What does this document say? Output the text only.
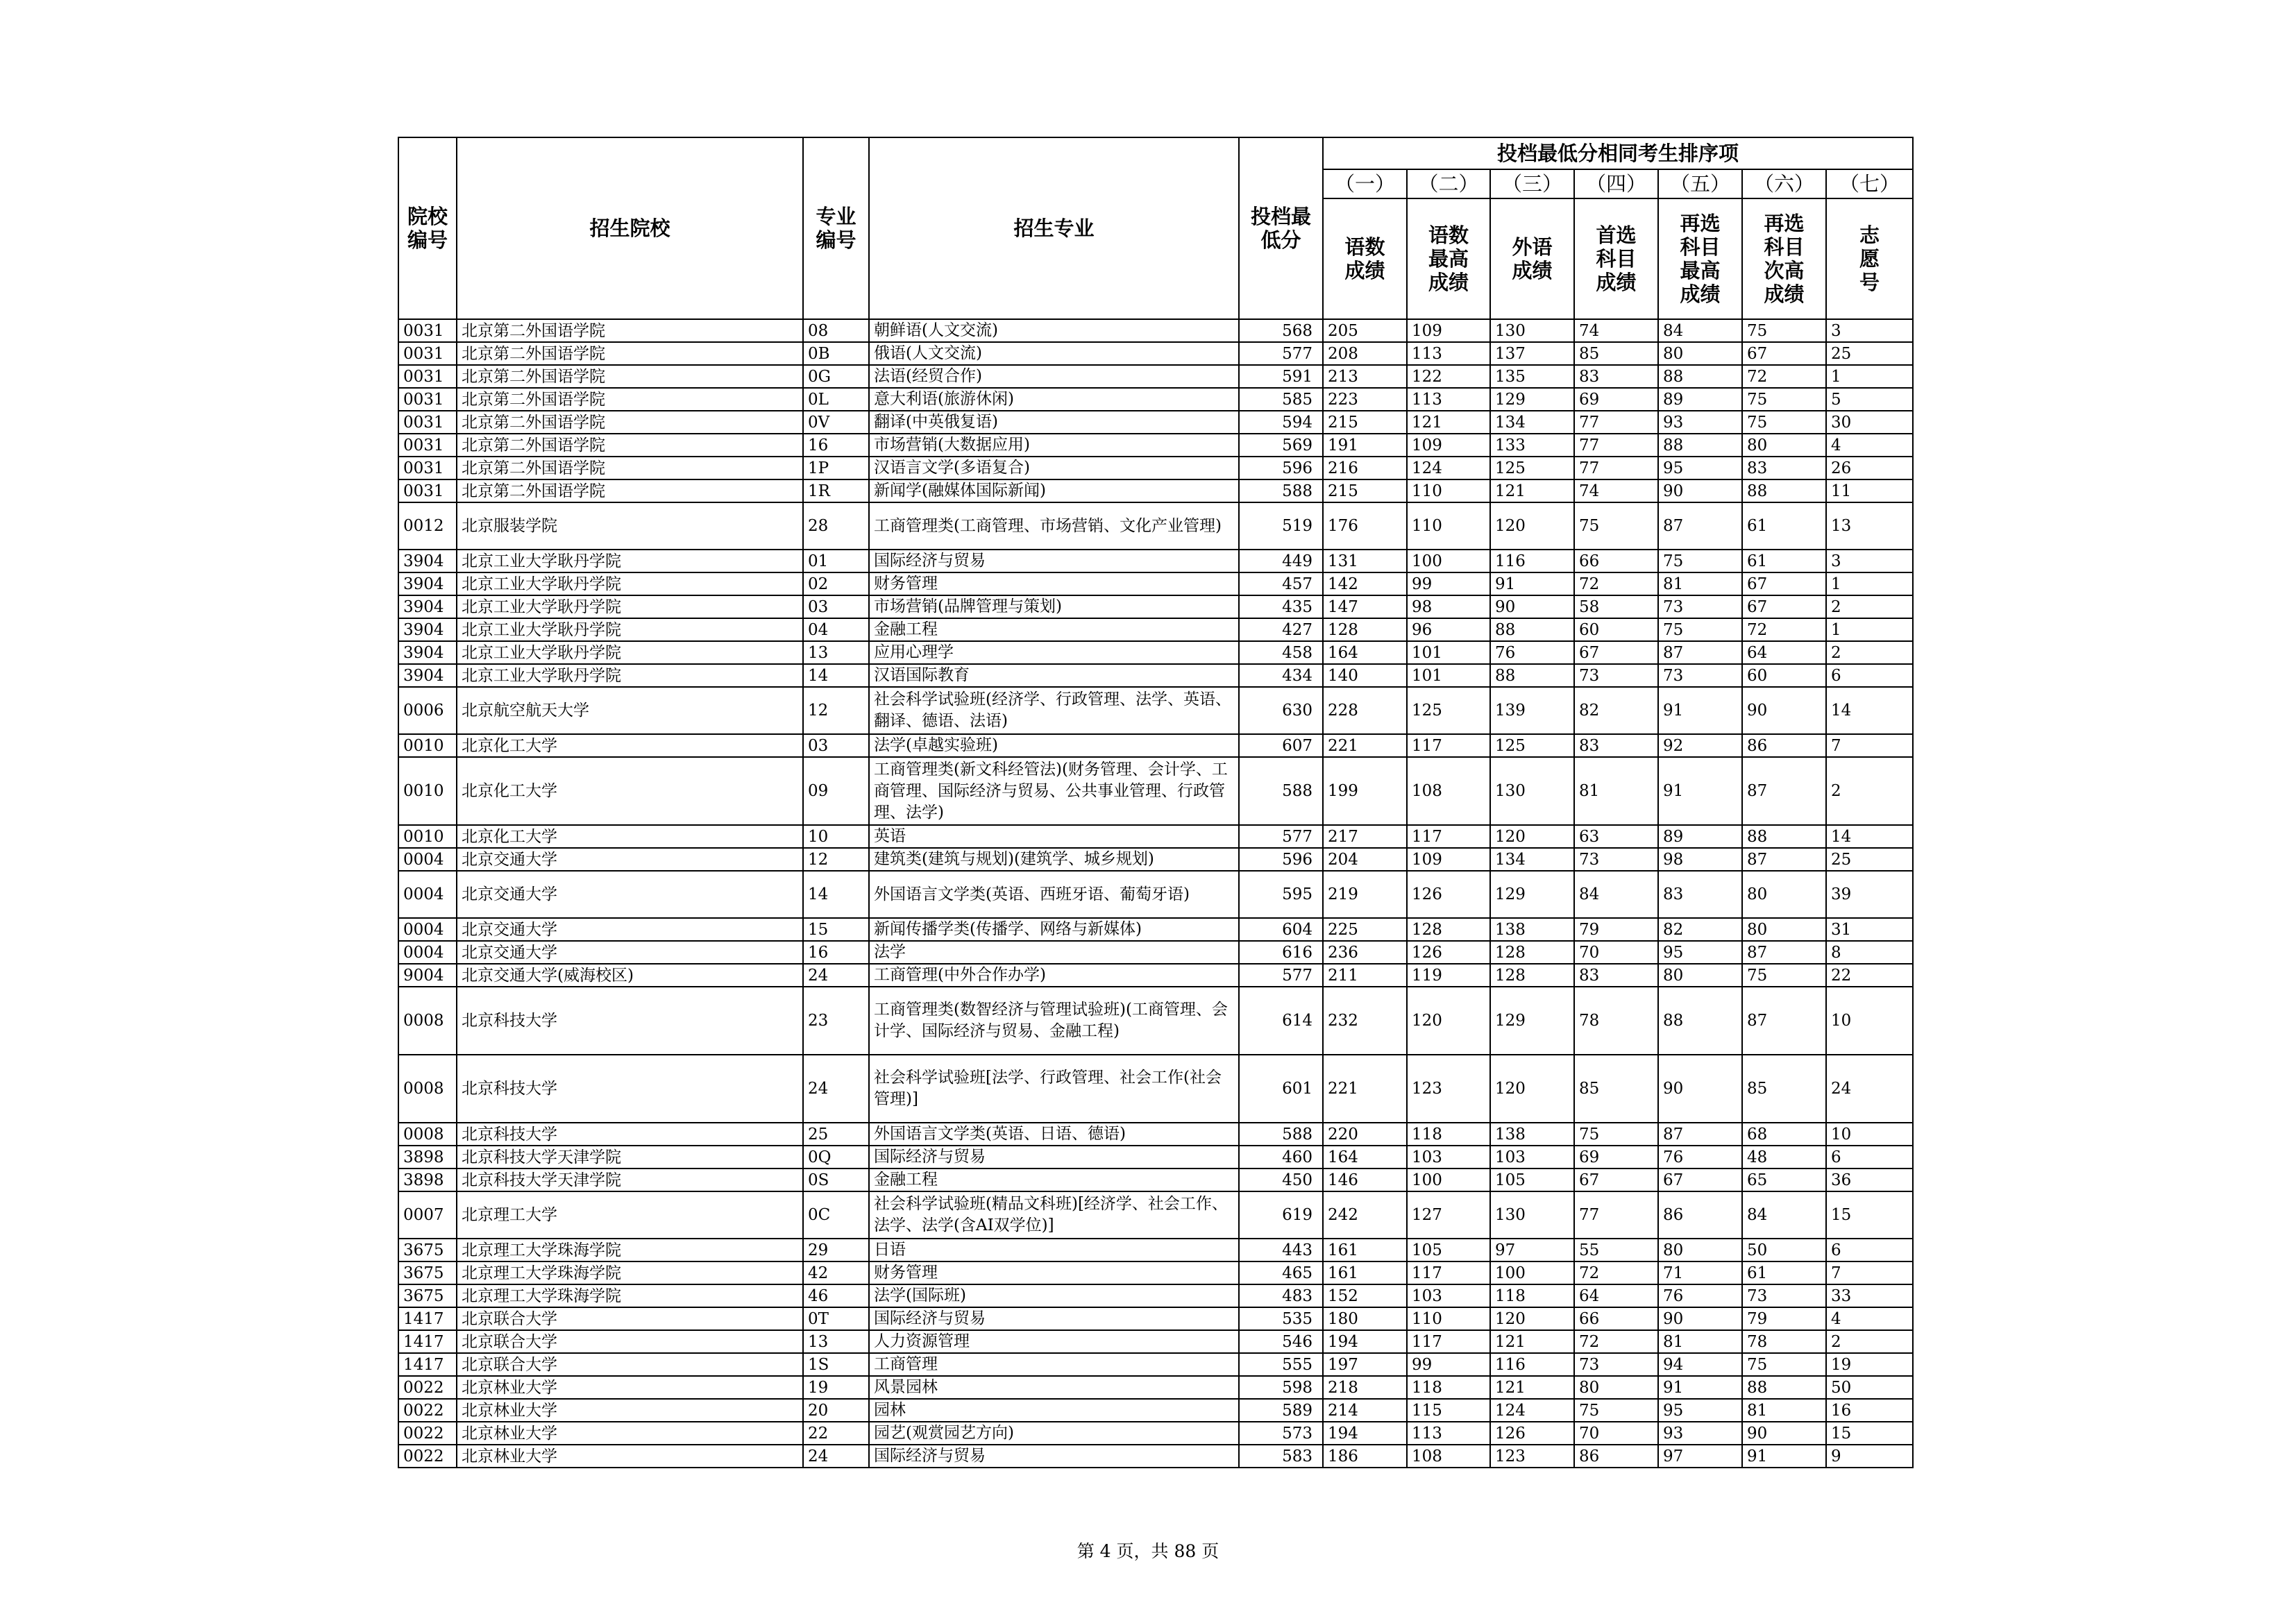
院校编号	招生院校	专业编号	招生专业	投档最低分	投档最低分相同考生排序项						
					（一）	（二）	（三）	（四）	（五）	（六）	（七）
					语数成绩	语数最高成绩	外语成绩	首选科目成绩	再选科目最高成绩	再选科目次高成绩	志愿号
0031	北京第二外国语学院	08	朝鲜语(人文交流)	568	205	109	130	74	84	75	3
0031	北京第二外国语学院	0B	俄语(人文交流)	577	208	113	137	85	80	67	25
0031	北京第二外国语学院	0G	法语(经贸合作)	591	213	122	135	83	88	72	1
0031	北京第二外国语学院	0L	意大利语(旅游休闲)	585	223	113	129	69	89	75	5
0031	北京第二外国语学院	0V	翻译(中英俄复语)	594	215	121	134	77	93	75	30
0031	北京第二外国语学院	16	市场营销(大数据应用)	569	191	109	133	77	88	80	4
0031	北京第二外国语学院	1P	汉语言文学(多语复合)	596	216	124	125	77	95	83	26
0031	北京第二外国语学院	1R	新闻学(融媒体国际新闻)	588	215	110	121	74	90	88	11
0012	北京服装学院	28	工商管理类(工商管理、市场营销、文化产业管理)	519	176	110	120	75	87	61	13
3904	北京工业大学耿丹学院	01	国际经济与贸易	449	131	100	116	66	75	61	3
3904	北京工业大学耿丹学院	02	财务管理	457	142	99	91	72	81	67	1
3904	北京工业大学耿丹学院	03	市场营销(品牌管理与策划)	435	147	98	90	58	73	67	2
3904	北京工业大学耿丹学院	04	金融工程	427	128	96	88	60	75	72	1
3904	北京工业大学耿丹学院	13	应用心理学	458	164	101	76	67	87	64	2
3904	北京工业大学耿丹学院	14	汉语国际教育	434	140	101	88	73	73	60	6
0006	北京航空航天大学	12	社会科学试验班(经济学、行政管理、法学、英语、翻译、德语、法语)	630	228	125	139	82	91	90	14
0010	北京化工大学	03	法学(卓越实验班)	607	221	117	125	83	92	86	7
0010	北京化工大学	09	工商管理类(新文科经管法)(财务管理、会计学、工商管理、国际经济与贸易、公共事业管理、行政管理、法学)	588	199	108	130	81	91	87	2
0010	北京化工大学	10	英语	577	217	117	120	63	89	88	14
0004	北京交通大学	12	建筑类(建筑与规划)(建筑学、城乡规划)	596	204	109	134	73	98	87	25
0004	北京交通大学	14	外国语言文学类(英语、西班牙语、葡萄牙语)	595	219	126	129	84	83	80	39
0004	北京交通大学	15	新闻传播学类(传播学、网络与新媒体)	604	225	128	138	79	82	80	31
0004	北京交通大学	16	法学	616	236	126	128	70	95	87	8
9004	北京交通大学(威海校区)	24	工商管理(中外合作办学)	577	211	119	128	83	80	75	22
0008	北京科技大学	23	工商管理类(数智经济与管理试验班)(工商管理、会计学、国际经济与贸易、金融工程)	614	232	120	129	78	88	87	10
0008	北京科技大学	24	社会科学试验班[法学、行政管理、社会工作(社会管理)]	601	221	123	120	85	90	85	24
0008	北京科技大学	25	外国语言文学类(英语、日语、德语)	588	220	118	138	75	87	68	10
3898	北京科技大学天津学院	0Q	国际经济与贸易	460	164	103	103	69	76	48	6
3898	北京科技大学天津学院	0S	金融工程	450	146	100	105	67	67	65	36
0007	北京理工大学	0C	社会科学试验班(精品文科班)[经济学、社会工作、法学、法学(含AI双学位)]	619	242	127	130	77	86	84	15
3675	北京理工大学珠海学院	29	日语	443	161	105	97	55	80	50	6
3675	北京理工大学珠海学院	42	财务管理	465	161	117	100	72	71	61	7
3675	北京理工大学珠海学院	46	法学(国际班)	483	152	103	118	64	76	73	33
1417	北京联合大学	0T	国际经济与贸易	535	180	110	120	66	90	79	4
1417	北京联合大学	13	人力资源管理	546	194	117	121	72	81	78	2
1417	北京联合大学	1S	工商管理	555	197	99	116	73	94	75	19
0022	北京林业大学	19	风景园林	598	218	118	121	80	91	88	50
0022	北京林业大学	20	园林	589	214	115	124	75	95	81	16
0022	北京林业大学	22	园艺(观赏园艺方向)	573	194	113	126	70	93	90	15
0022	北京林业大学	24	国际经济与贸易	583	186	108	123	86	97	91	9
第 4 页，共 88 页
